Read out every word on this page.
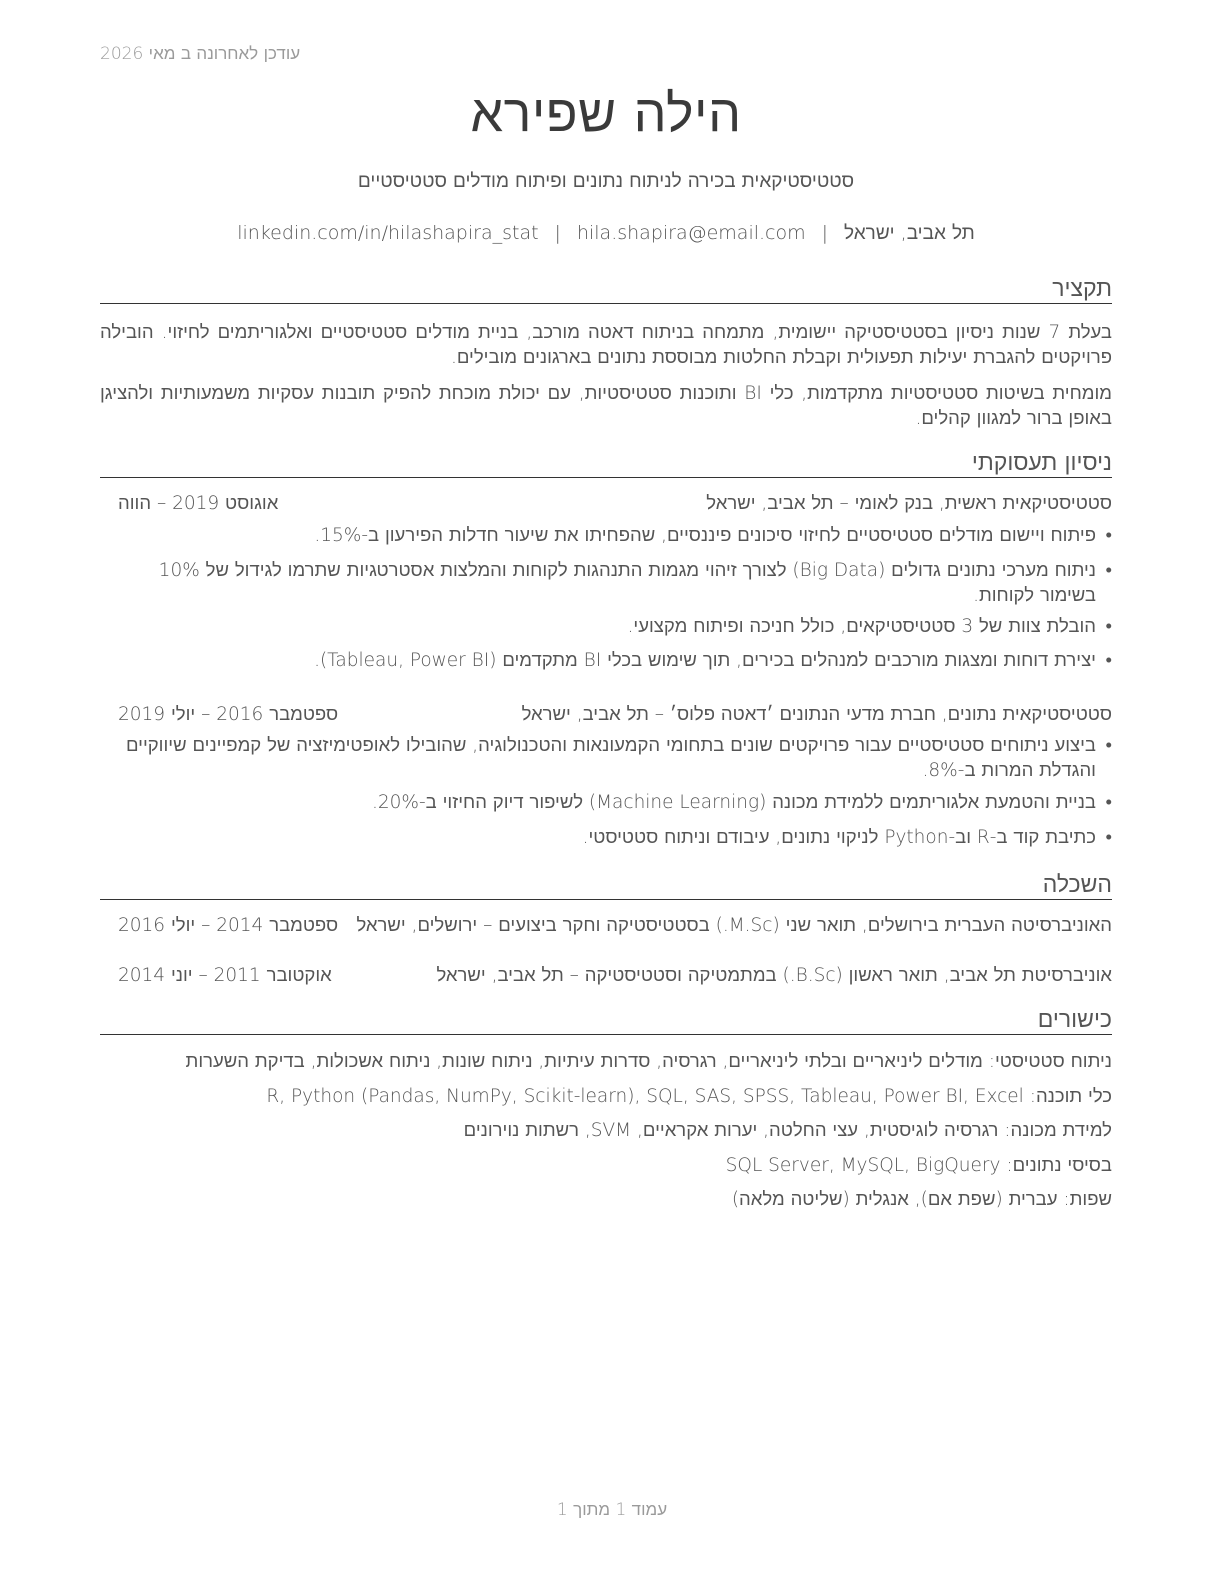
עודכן לאחרונה ב מאי 2026
הילה שפירא
סטטיסטיקאית בכירה לניתוח נתונים ופיתוח מודלים סטטיסטיים
תל אביב, ישראל|hila.shapira@email.com|linkedin.com/in/hilashapira_stat
תקציר
בעלת 7 שנות ניסיון בסטטיסטיקה יישומית, מתמחה בניתוח דאטה מורכב, בניית מודלים סטטיסטיים ואלגוריתמים לחיזוי. הובילה פרויקטים להגברת יעילות תפעולית וקבלת החלטות מבוססת נתונים בארגונים מובילים.
מומחית בשיטות סטטיסטיות מתקדמות, כלי BI ותוכנות סטטיסטיות, עם יכולת מוכחת להפיק תובנות עסקיות משמעותיות ולהציגן באופן ברור למגוון קהלים.
ניסיון תעסוקתי
סטטיסטיקאית ראשית, בנק לאומי – תל אביב, ישראל
אוגוסט 2019 – הווה
•
פיתוח ויישום מודלים סטטיסטיים לחיזוי סיכונים פיננסיים, שהפחיתו את שיעור חדלות הפירעון ב-15%.
•
ניתוח מערכי נתונים גדולים (Big Data) לצורך זיהוי מגמות התנהגות לקוחות והמלצות אסטרטגיות שתרמו לגידול של 10% בשימור לקוחות.
•
הובלת צוות של 3 סטטיסטיקאים, כולל חניכה ופיתוח מקצועי.
•
יצירת דוחות ומצגות מורכבים למנהלים בכירים, תוך שימוש בכלי BI מתקדמים (Tableau, Power BI).
סטטיסטיקאית נתונים, חברת מדעי הנתונים ׳דאטה פלוס׳ – תל אביב, ישראל
ספטמבר 2016 – יולי 2019
•
ביצוע ניתוחים סטטיסטיים עבור פרויקטים שונים בתחומי הקמעונאות והטכנולוגיה, שהובילו לאופטימיזציה של קמפיינים שיווקיים והגדלת המרות ב-8%.
•
בניית והטמעת אלגוריתמים ללמידת מכונה (Machine Learning) לשיפור דיוק החיזוי ב-20%.
•
כתיבת קוד ב-R וב-Python לניקוי נתונים, עיבודם וניתוח סטטיסטי.
השכלה
האוניברסיטה העברית בירושלים, תואר שני (M.Sc.) בסטטיסטיקה וחקר ביצועים – ירושלים, ישראל
ספטמבר 2014 – יולי 2016
אוניברסיטת תל אביב, תואר ראשון (B.Sc.) במתמטיקה וסטטיסטיקה – תל אביב, ישראל
אוקטובר 2011 – יוני 2014
כישורים
ניתוח סטטיסטי: מודלים ליניאריים ובלתי ליניאריים, רגרסיה, סדרות עיתיות, ניתוח שונות, ניתוח אשכולות, בדיקת השערות
כלי תוכנה: R, Python (Pandas, NumPy, Scikit-learn), SQL, SAS, SPSS, Tableau, Power BI, Excel
למידת מכונה: רגרסיה לוגיסטית, עצי החלטה, יערות אקראיים, SVM, רשתות נוירונים
בסיסי נתונים: SQL Server, MySQL, BigQuery
שפות: עברית (שפת אם), אנגלית (שליטה מלאה)
עמוד 1 מתוך 1
